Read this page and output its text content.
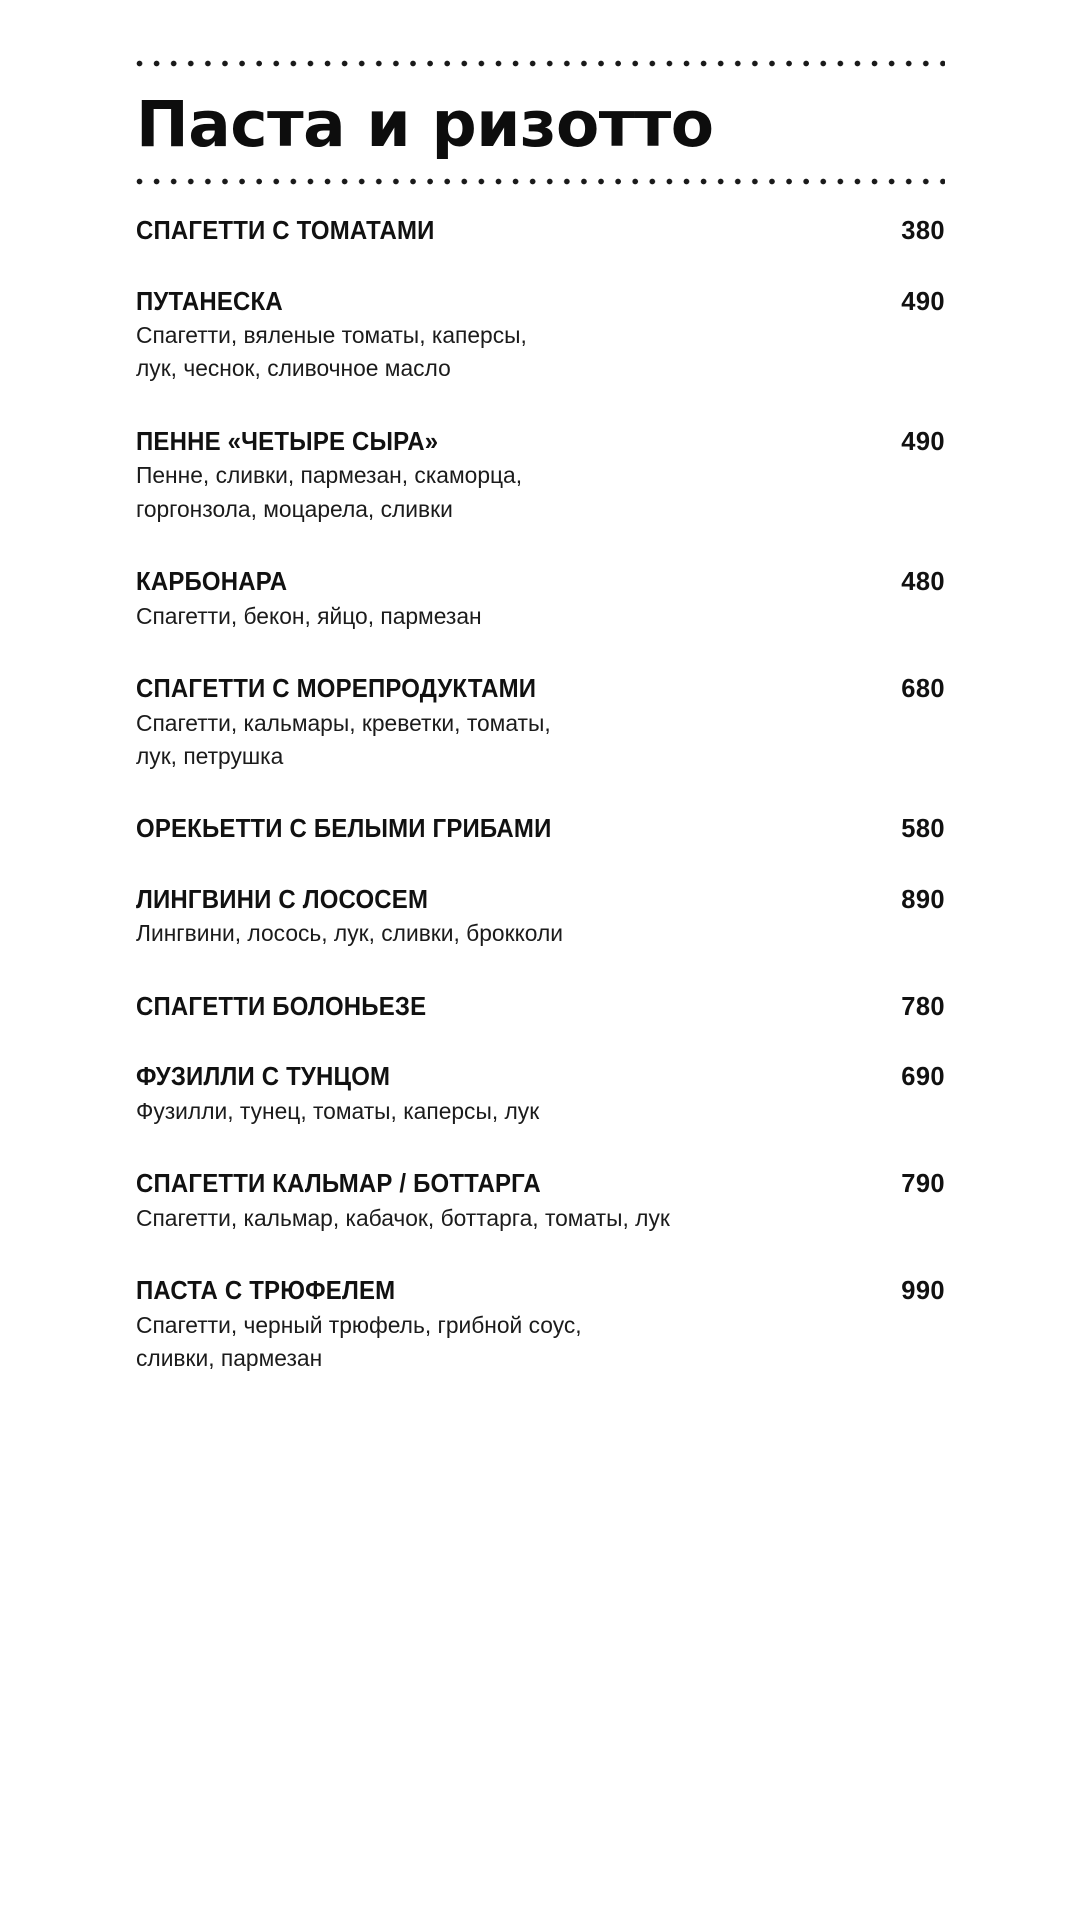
Паста и ризотто
СПАГЕТТИ С ТОМАТАМИ	380
ПУТАНЕСКА	490
Спагетти, вяленые томаты, каперсы,
лук, чеснок, сливочное масло
ПЕННЕ «ЧЕТЫРЕ СЫРА»	490
Пенне, сливки, пармезан, скаморца,
горгонзола, моцарела, сливки
КАРБОНАРА	480
Спагетти, бекон, яйцо, пармезан
СПАГЕТТИ С МОРЕПРОДУКТАМИ	680
Спагетти, кальмары, креветки, томаты,
лук, петрушка
ОРЕКЬЕТТИ С БЕЛЫМИ ГРИБАМИ	580
ЛИНГВИНИ С ЛОСОСЕМ	890
Лингвини, лосось, лук, сливки, брокколи
СПАГЕТТИ БОЛОНЬЕЗЕ	780
ФУЗИЛЛИ С ТУНЦОМ	690
Фузилли, тунец, томаты, каперсы, лук
СПАГЕТТИ КАЛЬМАР / БОТТАРГА	790
Спагетти, кальмар, кабачок, боттарга, томаты, лук
ПАСТА С ТРЮФЕЛЕМ	990
Спагетти, черный трюфель, грибной соус,
сливки, пармезан
